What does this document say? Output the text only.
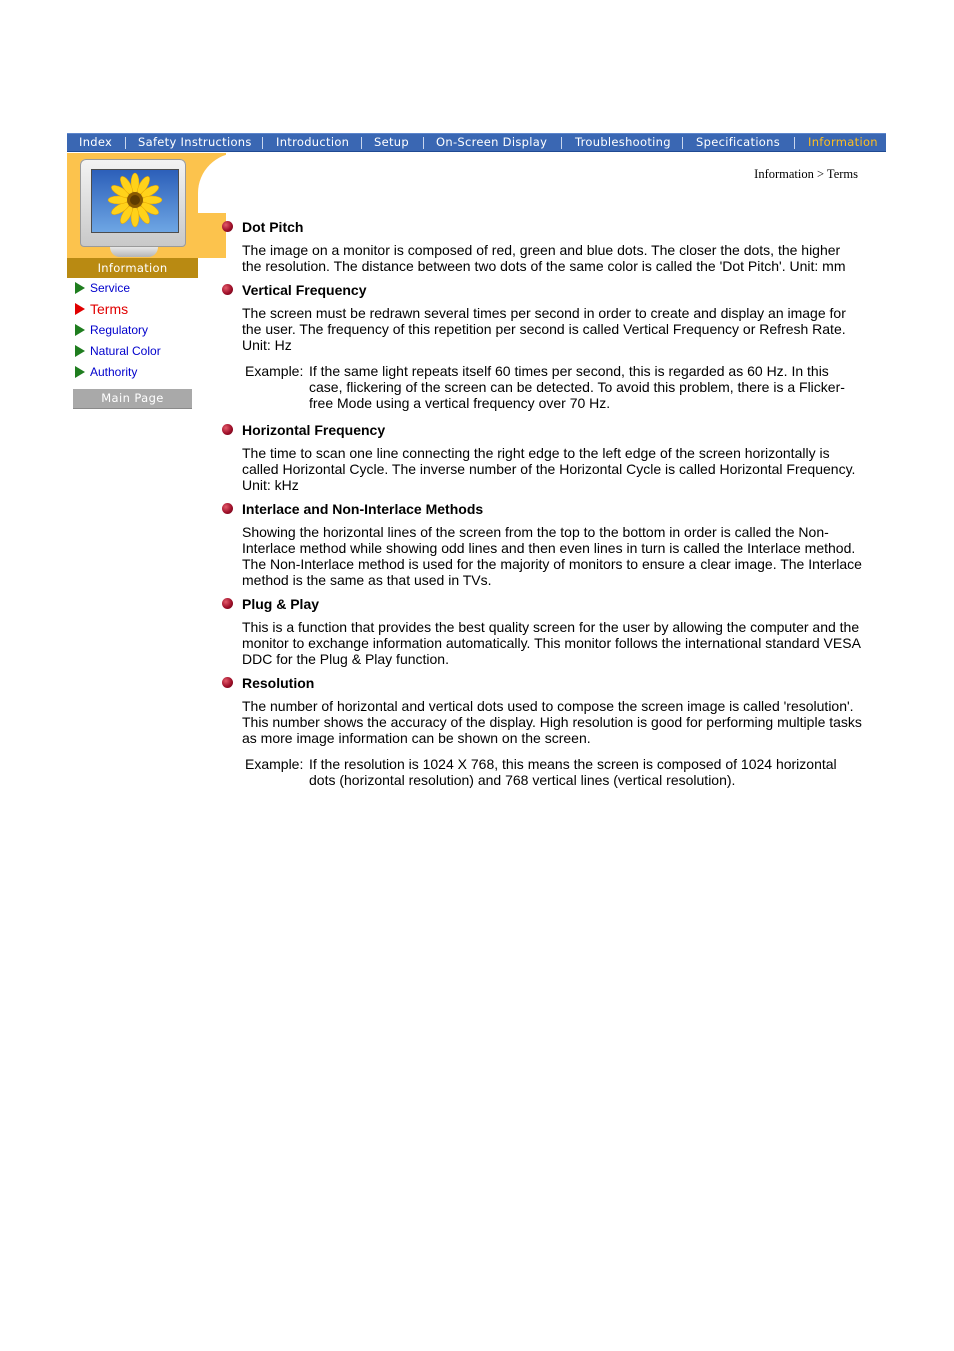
Index Safety Instructions Introduction Setup On-Screen Display Troubleshooting Specifications Information
Information
Service
Terms
Regulatory
Natural Color
Authority
Main Page
Information > Terms
Dot Pitch
The image on a monitor is composed of red, green and blue dots. The closer the dots, the higher the resolution. The distance between two dots of the same color is called the 'Dot Pitch'. Unit: mm
Vertical Frequency
The screen must be redrawn several times per second in order to create and display an image for the user. The frequency of this repetition per second is called Vertical Frequency or Refresh Rate. Unit: Hz
Example: If the same light repeats itself 60 times per second, this is regarded as 60 Hz. In this case, flickering of the screen can be detected. To avoid this problem, there is a Flicker-free Mode using a vertical frequency over 70 Hz.
Horizontal Frequency
The time to scan one line connecting the right edge to the left edge of the screen horizontally is called Horizontal Cycle. The inverse number of the Horizontal Cycle is called Horizontal Frequency. Unit: kHz
Interlace and Non-Interlace Methods
Showing the horizontal lines of the screen from the top to the bottom in order is called the Non-Interlace method while showing odd lines and then even lines in turn is called the Interlace method. The Non-Interlace method is used for the majority of monitors to ensure a clear image. The Interlace method is the same as that used in TVs.
Plug & Play
This is a function that provides the best quality screen for the user by allowing the computer and the monitor to exchange information automatically. This monitor follows the international standard VESA DDC for the Plug & Play function.
Resolution
The number of horizontal and vertical dots used to compose the screen image is called 'resolution'. This number shows the accuracy of the display. High resolution is good for performing multiple tasks as more image information can be shown on the screen.
Example: If the resolution is 1024 X 768, this means the screen is composed of 1024 horizontal dots (horizontal resolution) and 768 vertical lines (vertical resolution).
